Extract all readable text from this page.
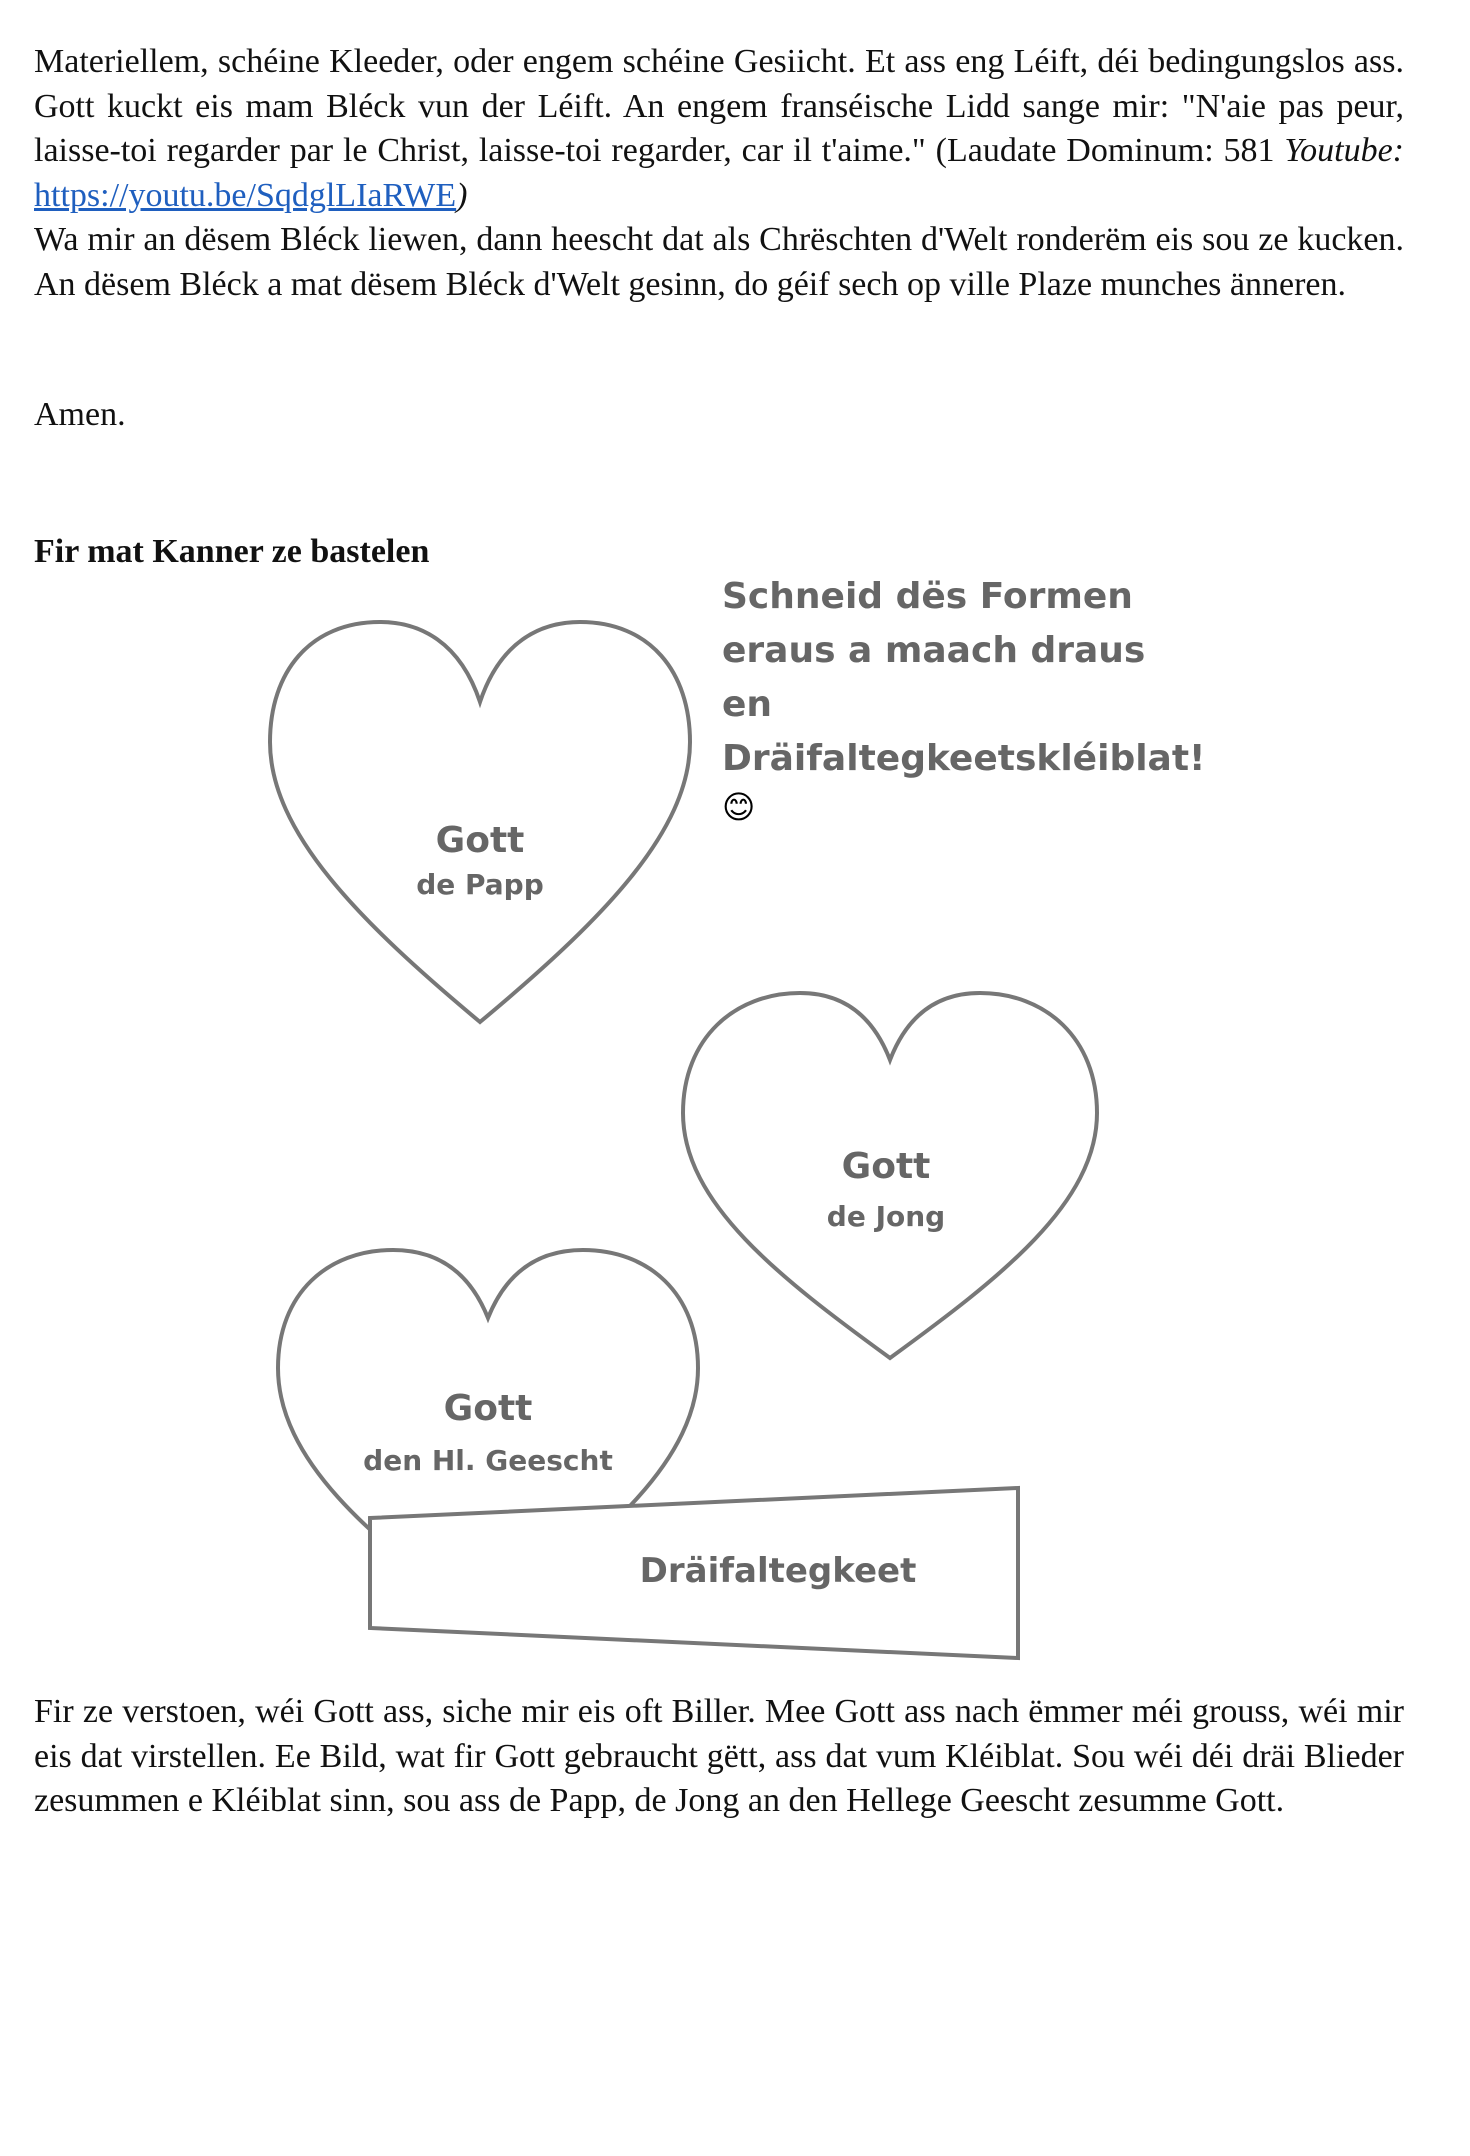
Materiellem, schéine Kleeder, oder engem schéine Gesiicht. Et ass eng Léift, déi bedingungslos ass. Gott kuckt eis mam Bléck vun der Léift. An engem franséische Lidd sange mir: "N'aie pas peur, laisse-toi regarder par le Christ, laisse-toi regarder, car il t'aime." (Laudate Dominum: 581 Youtube: https://youtu.be/SqdglLIaRWE)

Wa mir an dësem Bléck liewen, dann heescht dat als Chrëschten d'Welt ronderëm eis sou ze kucken. An dësem Bléck a mat dësem Bléck d'Welt gesinn, do géif sech op ville Plaze munches änneren.

Amen.
Fir mat Kanner ze bastelen
Schneid dës Formen
eraus a maach draus
en
Dräifaltegkeetskléiblat!
😊
Gott
de Papp
Gott
de Jong
Gott
den Hl. Geescht
Dräifaltegkeet

Fir ze verstoen, wéi Gott ass, siche mir eis oft Biller. Mee Gott ass nach ëmmer méi grouss, wéi mir eis dat virstellen. Ee Bild, wat fir Gott gebraucht gëtt, ass dat vum Kléiblat. Sou wéi déi dräi Blieder zesummen e Kléiblat sinn, sou ass de Papp, de Jong an den Hellege Geescht zesumme Gott.
